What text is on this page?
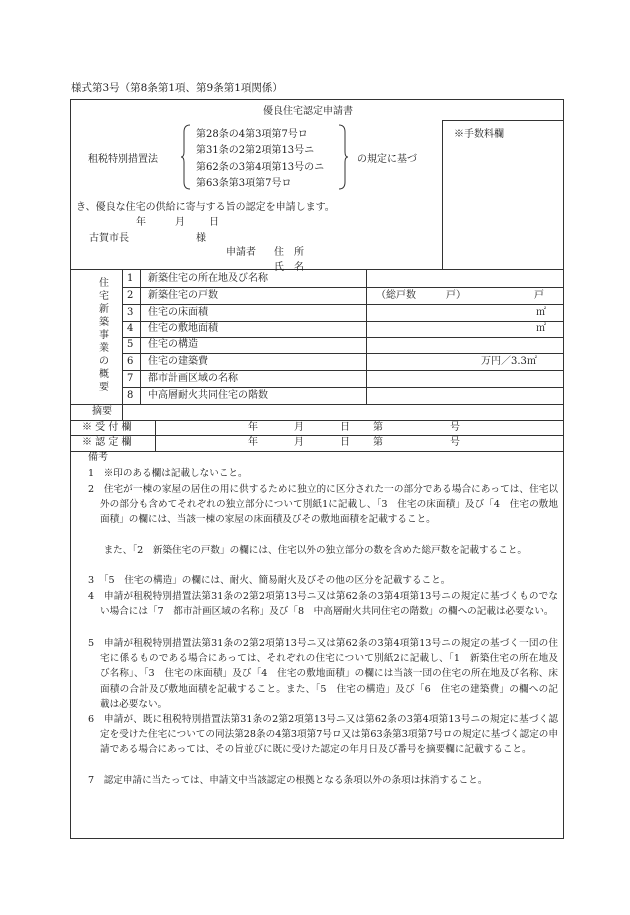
様式第3号（第8条第1項、第9条第1項関係）
優良住宅認定申請書
※手数料欄
租税特別措置法
第28条の4第3項第7号ロ
第31条の2第2項第13号ニ
第62条の3第4項第13号のニ
第63条第3項第7号ロ
の規定に基づ
き、優良な住宅の供給に寄与する旨の認定を申請します。
年	月 日
古賀市長	様
申請者 住　所
氏　名
住
宅
新
築
事
業
の
概
要
1 新築住宅の所在地及び名称
2 新築住宅の戸数	（総戸数　　　戸）	戸
3 住宅の床面積	㎡
4 住宅の敷地面積	㎡
5 住宅の構造
6 住宅の建築費	万円／3.3㎡
7 都市計画区域の名称
8 中高層耐火共同住宅の階数
摘要
※ 受 付 欄	年	月	日 第	号
※ 認 定 欄	年	月	日 第	号
備考
1　※印のある欄は記載しないこと。
2　住宅が一棟の家屋の居住の用に供するために独立的に区分された一の部分である場合にあっては、住宅以外の部分も含めてそれぞれの独立部分について別紙1に記載し、「3　住宅の床面積」及び「4　住宅の敷地面積」の欄には、当該一棟の家屋の床面積及びその敷地面積を記載すること。
　また、「2　新築住宅の戸数」の欄には、住宅以外の独立部分の数を含めた総戸数を記載すること。
3　「5　住宅の構造」の欄には、耐火、簡易耐火及びその他の区分を記載すること。
4　申請が租税特別措置法第31条の2第2項第13号ニ又は第62条の3第4項第13号ニの規定に基づくものでない場合には「7　都市計画区域の名称」及び「8　中高層耐火共同住宅の階数」の欄への記載は必要ない。
5　申請が租税特別措置法第31条の2第2項第13号ニ又は第62条の3第4項第13号ニの規定の基づく一団の住宅に係るものである場合にあっては、それぞれの住宅について別紙2に記載し、「1　新築住宅の所在地及び名称」、「3　住宅の床面積」及び「4　住宅の敷地面積」の欄には当該一団の住宅の所在地及び名称、床面積の合計及び敷地面積を記載すること。また、「5　住宅の構造」及び「6　住宅の建築費」の欄への記載は必要ない。
6　申請が、既に租税特別措置法第31条の2第2項第13号ニ又は第62条の3第4項第13号ニの規定に基づく認定を受けた住宅についての同法第28条の4第3項第7号ロ又は第63条第3項第7号ロの規定に基づく認定の申請である場合にあっては、その旨並びに既に受けた認定の年月日及び番号を摘要欄に記載すること。
7　認定申請に当たっては、申請文中当該認定の根拠となる条項以外の条項は抹消すること。
